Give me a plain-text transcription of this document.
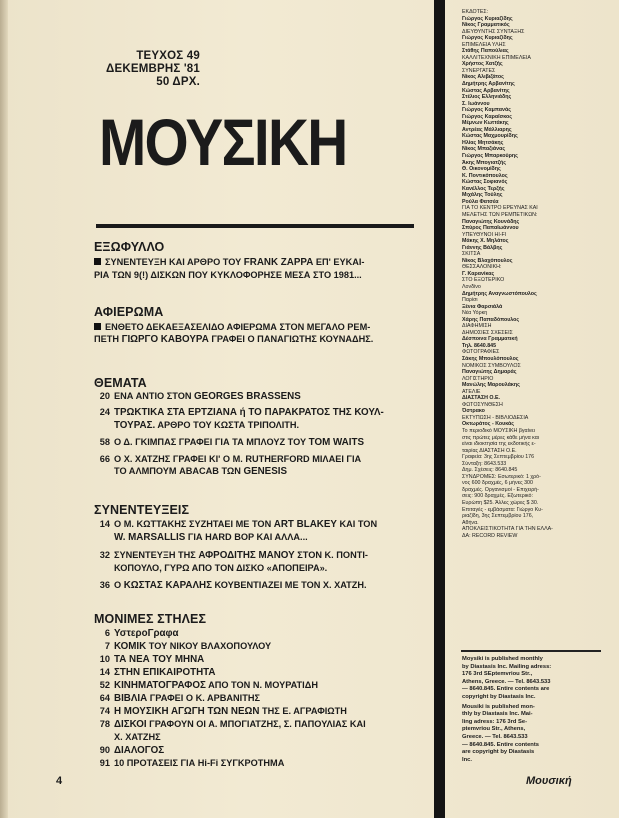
ΤΕΥΧΟΣ 49
ΔΕΚΕΜΒΡΗΣ '81
50 ΔΡΧ.
ΜΟΥΣΙΚΗ
ΕΞΩΦΥΛΛΟ
ΣΥΝΕΝΤΕΥΞΗ ΚΑΙ ΑΡΘΡΟ ΤΟΥ FRANK ZAPPA ΕΠ' ΕΥΚΑΙ-
ΡΙΑ ΤΩΝ 9(!) ΔΙΣΚΩΝ ΠΟΥ ΚΥΚΛΟΦΟΡΗΣΕ ΜΕΣΑ ΣΤΟ 1981...
ΑΦΙΕΡΩΜΑ
ΕΝΘΕΤΟ ΔΕΚΑΕΞΑΣΕΛΙΔΟ ΑΦΙΕΡΩΜΑ ΣΤΟΝ ΜΕΓΑΛΟ ΡΕΜ-
ΠΕΤΗ ΓΙΩΡΓΟ ΚΑΒΟΥΡΑ ΓΡΑΦΕΙ Ο ΠΑΝΑΓΙΩΤΗΣ ΚΟΥΝΑΔΗΣ.
ΘΕΜΑΤΑ
20 ΕΝΑ ΑΝΤΙΟ ΣΤΟΝ GEORGES BRASSENS
24 ΤΡΩΚΤΙΚΑ ΣΤΑ ΕΡΤΖΙΑΝΑ ή ΤΟ ΠΑΡΑΚΡΑΤΟΣ ΤΗΣ ΚΟΥΛ-
ΤΟΥΡΑΣ. ΑΡΘΡΟ ΤΟΥ ΚΩΣΤΑ ΤΡΙΠΟΛΙΤΗ.
58 Ο Δ. ΓΚΙΜΠΑΣ ΓΡΑΦΕΙ ΓΙΑ ΤΑ ΜΠΛΟΥΖ ΤΟΥ TOM WAITS
66 Ο Χ. ΧΑΤΖΗΣ ΓΡΑΦΕΙ ΚΙ' Ο Μ. RUTHERFORD ΜΙΛΑΕΙ ΓΙΑ
ΤΟ ΑΛΜΠΟΥΜ ABACAB ΤΩΝ GENESIS
ΣΥΝΕΝΤΕΥΞΕΙΣ
14 Ο Μ. ΚΩΤΤΑΚΗΣ ΣΥΖΗΤΑΕΙ ΜΕ ΤΟΝ ART BLAKEY ΚΑΙ ΤΟΝ
W. MARSALLIS ΓΙΑ HARD BOP ΚΑΙ ΑΛΛΑ...
32 ΣΥΝΕΝΤΕΥΞΗ ΤΗΣ ΑΦΡΟΔΙΤΗΣ ΜΑΝΟΥ ΣΤΟΝ Κ. ΠΟΝΤΙ-
ΚΟΠΟΥΛΟ, ΓΥΡΩ ΑΠΟ ΤΟΝ ΔΙΣΚΟ «ΑΠΟΠΕΙΡΑ».
36 Ο ΚΩΣΤΑΣ ΚΑΡΑΛΗΣ ΚΟΥΒΕΝΤΙΑΖΕΙ ΜΕ ΤΟΝ Χ. ΧΑΤΖΗ.
ΜΟΝΙΜΕΣ ΣΤΗΛΕΣ
6 ΥστεροΓραφα
7 ΚΟΜΙΚ ΤΟΥ ΝΙΚΟΥ ΒΛΑΧΟΠΟΥΛΟΥ
10 ΤΑ ΝΕΑ ΤΟΥ ΜΗΝΑ
14 ΣΤΗΝ ΕΠΙΚΑΙΡΟΤΗΤΑ
52 ΚΙΝΗΜΑΤΟΓΡΑΦΟΣ ΑΠΟ ΤΟΝ Ν. ΜΟΥΡΑΤΙΔΗ
64 ΒΙΒΛΙΑ ΓΡΑΦΕΙ Ο Κ. ΑΡΒΑΝΙΤΗΣ
74 Η ΜΟΥΣΙΚΗ ΑΓΩΓΗ ΤΩΝ ΝΕΩΝ ΤΗΣ Ε. ΑΓΡΑΦΙΩΤΗ
78 ΔΙΣΚΟΙ ΓΡΑΦΟΥΝ ΟΙ Α. ΜΠΟΓΙΑΤΖΗΣ, Σ. ΠΑΠΟΥΛΙΑΣ ΚΑΙ
Χ. ΧΑΤΖΗΣ
90 ΔΙΑΛΟΓΟΣ
91 10 ΠΡΟΤΑΣΕΙΣ ΓΙΑ Hi-Fi ΣΥΓΚΡΟΤΗΜΑ
ΕΚΔΟΤΕΣ:
Γιώργος Κυριαζίδης
Νίκος Γραμματικός
ΔΙΕΥΘΥΝΤΗΣ ΣΥΝΤΑΞΗΣ
Γιώργος Κυριαζίδης
ΕΠΙΜΕΛΕΙΑ ΥΛΗΣ
Στάθης Παπούλιας
ΚΑΛΛΙΤΕΧΝΙΚΗ ΕΠΙΜΕΛΕΙΑ
Χρήστος Χατζής
ΣΥΝΕΡΓΑΤΕΣ
Νίκος Αλιβιζάτος
Δημήτρης Αρβανίτης
Κώστας Αρβανίτης
Στέλιος Ελληνιάδης
Σ. Ιωάννου
Γιώργος Καμπανάς
Γιώργος Καραϊσκος
Μέμνων Κωττάκης
Αντρέας Μάλλιαρης
Κώστας Μαχμουρίδης
Ηλίας Μητσάκης
Νίκος Μπαζιάνας
Γιώργος Μπαρκούρης
Άκης Μπογιατζής
Θ. Οικονομίδης
Κ. Ποντικόπουλος
Κώστας Σοφιανός
Κανέλλος Τερζής
Μιχάλης Τούλης
Ρούλα Φατσέα
ΓΙΑ ΤΟ ΚΕΝΤΡΟ ΕΡΕΥΝΑΣ ΚΑΙ
ΜΕΛΕΤΗΣ ΤΩΝ ΡΕΜΠΕΤΙΚΩΝ:
Παναγιώτης Κουνάδης
Σπύρος Παπαϊωάννου
ΥΠΕΥΘΥΝΟΙ HI-FI
Μάκης Χ. Μηλάτος
Γιάννης Βάλβης
ΣΚΙΤΣΑ
Νίκος Βλαχόπουλος
ΘΕΣΣΑΛΟΝΙΚΗ:
Γ. Καρανίκας
ΣΤΟ ΕΞΩΤΕΡΙΚΟ
Λονδίνο
Δημήτρης Αναγνωστόπουλος
Παρίσι
Ξένια Φαρσιάλά
Νέα Υόρκη
Χάρης Παπαδόπουλος
ΔΙΑΦΗΜΙΣΗ
ΔΗΜΟΣΙΕΣ ΣΧΕΣΕΙΣ
Δέσποινα Γραμματική
Τηλ. 8640.845
ΦΩΤΟΓΡΑΦΙΕΣ
Σάκης Μπουλόπουλος
ΝΟΜΙΚΟΣ ΣΥΜΒΟΥΛΟΣ
Παναγιώτης Δημαράς
ΛΟΓΙΣΤΗΡΙΟ
Μανώλης Μαρουλάκης
ΑΤΕΛΙΕ
ΔΙΑΣΤΑΣΗ Ο.Ε.
ΦΩΤΟΣΥΝΘΕΣΗ
Όστρακο
ΕΚΤΥΠΩΣΗ - ΒΙΒΛΙΟΔΕΣΙΑ
Οκτωράτος - Κουκάς
Το περιοδικό ΜΟΥΣΙΚΗ βγαίνει
στις πρώτες μέρες κάθε μήνα και
είναι ιδιοκτησία της εκδοτικής ε-
ταιρίας ΔΙΑΣΤΑΣΗ Ο.Ε.
Γραφεία: 3ης Σεπτεμβρίου 176
Σύνταξη: 8643.533
Δημ. Σχέσεις: 8640.845
ΣΥΝΔΡΟΜΕΣ: Εσωτερικό: 1 χρό-
νος 600 δραχμές, 6 μήνες 300
δραχμές. Οργανισμοί - Επιχειρή-
σεις: 900 δραχμές. Εξωτερικό:
Ευρώπη $25. Άλλες χώρες $ 30.
Επιταγές - εμβάσματα: Γιώργο Κυ-
ριαζίδη, 3ης Σεπτεμβρίου 176,
Αθήνα.
ΑΠΟΚΛΕΙΣΤΙΚΟΤΗΤΑ ΓΙΑ ΤΗΝ ΕΛΛΑ-
ΔΑ: RECORD REVIEW
Moysiki is published monthly
by Diastasis Inc. Mailing adress:
176 3rd SEptemvriou Str.,
Athens, Greece. — Tel. 8643.533
— 8640.845. Entire contents are
copyright by Diastasis Inc.
Mousiki is published mon-
thly by Diastasis Inc. Mai-
ling adress: 176 3rd Se-
ptemvriou Str., Athens,
Greece. — Tel. 8643.533
— 8640.845. Entire contents
are copyright by Diastasis
Inc.
4	Μουσική
